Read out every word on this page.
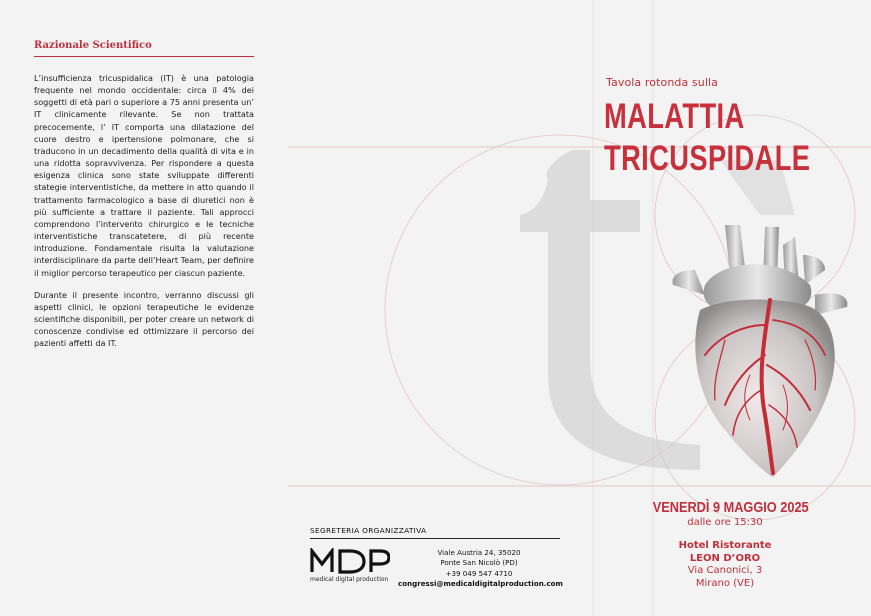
Razionale Scientifico

L’insufficienza tricuspidalica (IT) è una patologia frequente nel mondo occidentale: circa il 4% dei soggetti di età pari o superiore a 75 anni presenta un’ IT clinicamente rilevante. Se non trattata precocemente, l’ IT comporta una dilatazione del cuore destro e ipertensione polmonare, che si traducono in un decadimento della qualità di vita e in una ridotta sopravvivenza. Per rispondere a questa esigenza clinica sono state sviluppate differenti stategie interventistiche, da mettere in atto quando il trattamento farmacologico a base di diuretici non è più sufficiente a trattare il paziente. Tali approcci comprendono l’intervento chirurgico e le tecniche interventistiche transcatetere, di più recente introduzione. Fondamentale risulta la valutazione interdisciplinare da parte dell’Heart Team, per definire il miglior percorso terapeutico per ciascun paziente.

Durante il presente incontro, verranno discussi gli aspetti clinici, le opzioni terapeutiche le evidenze scientifiche disponibili, per poter creare un network di conoscenze condivise ed ottimizzare il percorso dei pazienti affetti da IT.

Tavola rotonda sulla
MALATTIA
TRICUSPIDALE
VENERDÌ 9 MAGGIO 2025
dalle ore 15:30
Hotel Ristorante
LEON D’ORO
Via Canonici, 3
Mirano (VE)
SEGRETERIA ORGANIZZATIVA
medical digital production
Viale Austria 24, 35020
Ponte San Nicolò (PD)
+39 049 547 4710
congressi@medicaldigitalproduction.com
